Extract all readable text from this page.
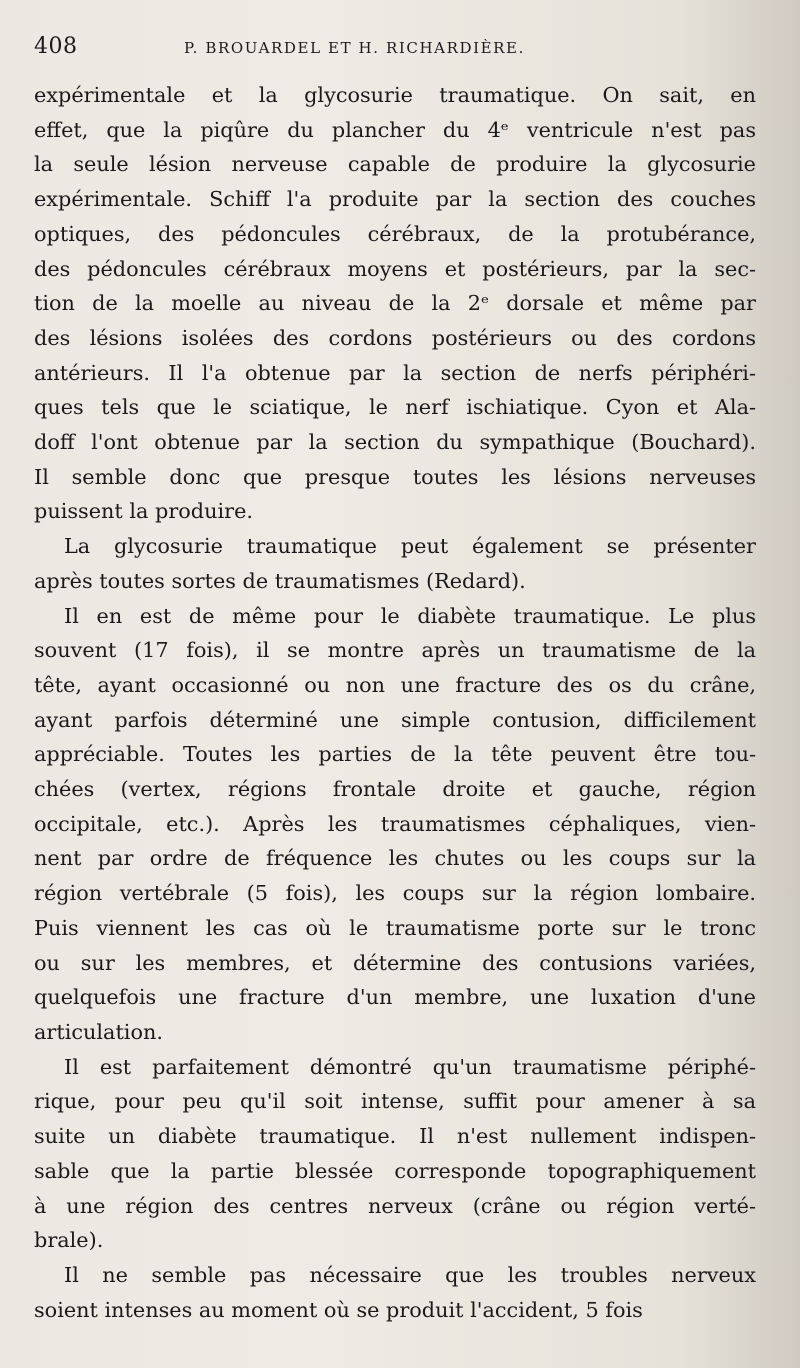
408	P. BROUARDEL ET H. RICHARDIÈRE.

expérimentale et la glycosurie traumatique. On sait, en
effet, que la piqûre du plancher du 4ᵉ ventricule n'est pas
la seule lésion nerveuse capable de produire la glycosurie
expérimentale. Schiff l'a produite par la section des couches
optiques, des pédoncules cérébraux, de la protubérance,
des pédoncules cérébraux moyens et postérieurs, par la sec-
tion de la moelle au niveau de la 2ᵉ dorsale et même par
des lésions isolées des cordons postérieurs ou des cordons
antérieurs. Il l'a obtenue par la section de nerfs périphéri-
ques tels que le sciatique, le nerf ischiatique. Cyon et Ala-
doff l'ont obtenue par la section du sympathique (Bouchard).
Il semble donc que presque toutes les lésions nerveuses
puissent la produire.

La glycosurie traumatique peut également se présenter
après toutes sortes de traumatismes (Redard).

Il en est de même pour le diabète traumatique. Le plus
souvent (17 fois), il se montre après un traumatisme de la
tête, ayant occasionné ou non une fracture des os du crâne,
ayant parfois déterminé une simple contusion, difficilement
appréciable. Toutes les parties de la tête peuvent être tou-
chées (vertex, régions frontale droite et gauche, région
occipitale, etc.). Après les traumatismes céphaliques, vien-
nent par ordre de fréquence les chutes ou les coups sur la
région vertébrale (5 fois), les coups sur la région lombaire.
Puis viennent les cas où le traumatisme porte sur le tronc
ou sur les membres, et détermine des contusions variées,
quelquefois une fracture d'un membre, une luxation d'une
articulation.

Il est parfaitement démontré qu'un traumatisme périphé-
rique, pour peu qu'il soit intense, suffit pour amener à sa
suite un diabète traumatique. Il n'est nullement indispen-
sable que la partie blessée corresponde topographiquement
à une région des centres nerveux (crâne ou région verté-
brale).

Il ne semble pas nécessaire que les troubles nerveux
soient intenses au moment où se produit l'accident, 5 fois
